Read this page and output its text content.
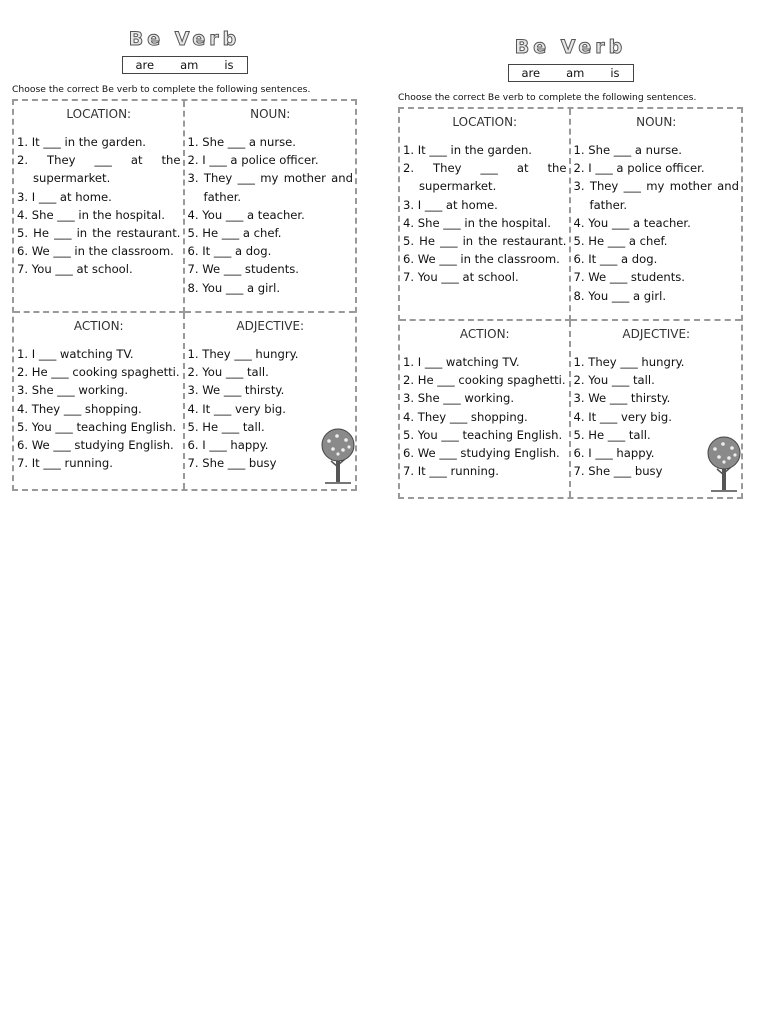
Be Verb
are am is
Choose the correct Be verb to complete the following sentences.
LOCATION:
1. It ___ in the garden.
2. They ___ at the supermarket.
3. I ___ at home.
4. She ___ in the hospital.
5. He ___ in the restaurant.
6. We ___ in the classroom.
7. You ___ at school.
NOUN:
1. She ___ a nurse.
2. I ___ a police officer.
3. They ___ my mother and father.
4. You ___ a teacher.
5. He ___ a chef.
6. It ___ a dog.
7. We ___ students.
8. You ___ a girl.
ACTION:
1. I ___ watching TV.
2. He ___ cooking spaghetti.
3. She ___ working.
4. They ___ shopping.
5. You ___ teaching English.
6. We ___ studying English.
7. It ___ running.
ADJECTIVE:
1. They ___ hungry.
2. You ___ tall.
3. We ___ thirsty.
4. It ___ very big.
5. He ___ tall.
6. I ___ happy.
7. She ___ busy
Be Verb
are am is
Choose the correct Be verb to complete the following sentences.
LOCATION:
1. It ___ in the garden.
2. They ___ at the supermarket.
3. I ___ at home.
4. She ___ in the hospital.
5. He ___ in the restaurant.
6. We ___ in the classroom.
7. You ___ at school.
NOUN:
1. She ___ a nurse.
2. I ___ a police officer.
3. They ___ my mother and father.
4. You ___ a teacher.
5. He ___ a chef.
6. It ___ a dog.
7. We ___ students.
8. You ___ a girl.
ACTION:
1. I ___ watching TV.
2. He ___ cooking spaghetti.
3. She ___ working.
4. They ___ shopping.
5. You ___ teaching English.
6. We ___ studying English.
7. It ___ running.
ADJECTIVE:
1. They ___ hungry.
2. You ___ tall.
3. We ___ thirsty.
4. It ___ very big.
5. He ___ tall.
6. I ___ happy.
7. She ___ busy
